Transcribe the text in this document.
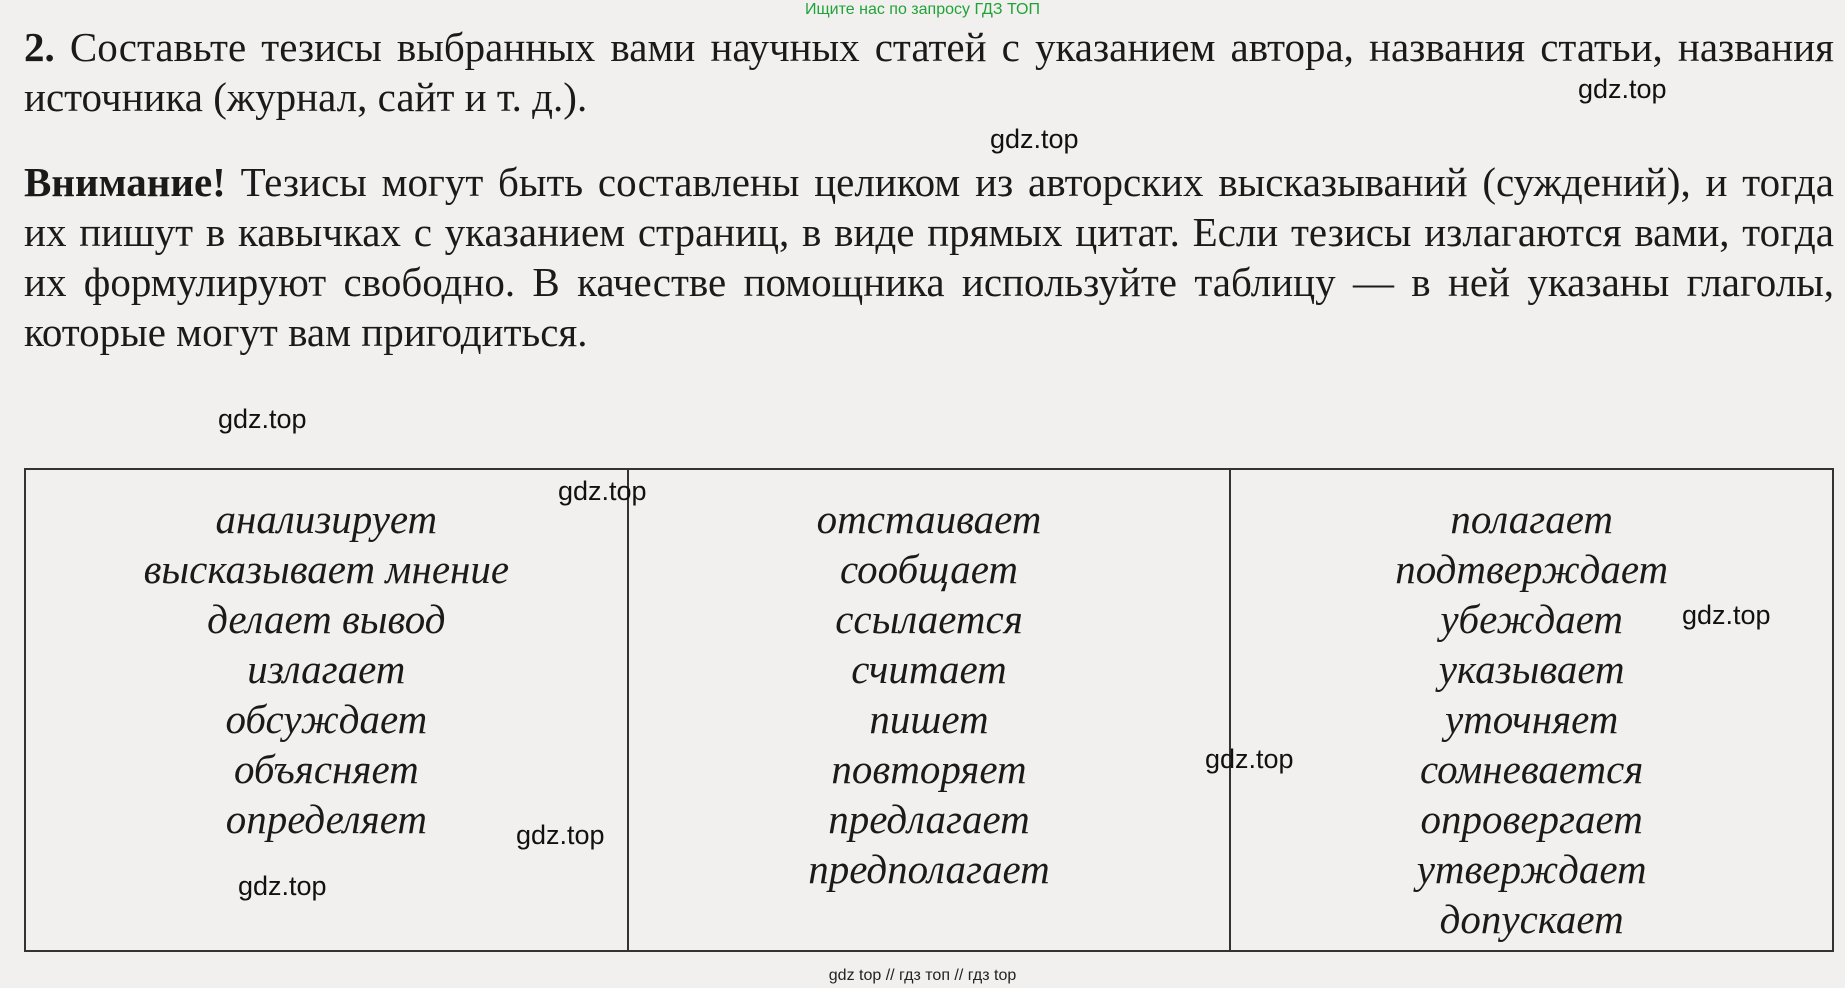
Ищите нас по запросу ГДЗ ТОП

2. Составьте тезисы выбранных вами научных статей с указанием автора, названия статьи, названия источника (журнал, сайт и т. д.).

Внимание! Тезисы могут быть составлены целиком из авторских высказываний (суждений), и тогда их пишут в кавычках с указанием страниц, в виде прямых цитат. Если тезисы излагаются вами, тогда их формулируют свободно. В качестве помощника используйте таблицу — в ней указаны глаголы, которые могут вам пригодиться.

анализирует
высказывает мнение
делает вывод
излагает
обсуждает
объясняет
определяет
отстаивает
сообщает
ссылается
считает
пишет
повторяет
предлагает
предполагает
полагает
подтверждает
убеждает
указывает
уточняет
сомневается
опровергает
утверждает
допускает
gdz.top
gdz.top
gdz.top
gdz.top
gdz.top
gdz.top
gdz.top
gdz.top
gdz top // гдз топ // гдз top
